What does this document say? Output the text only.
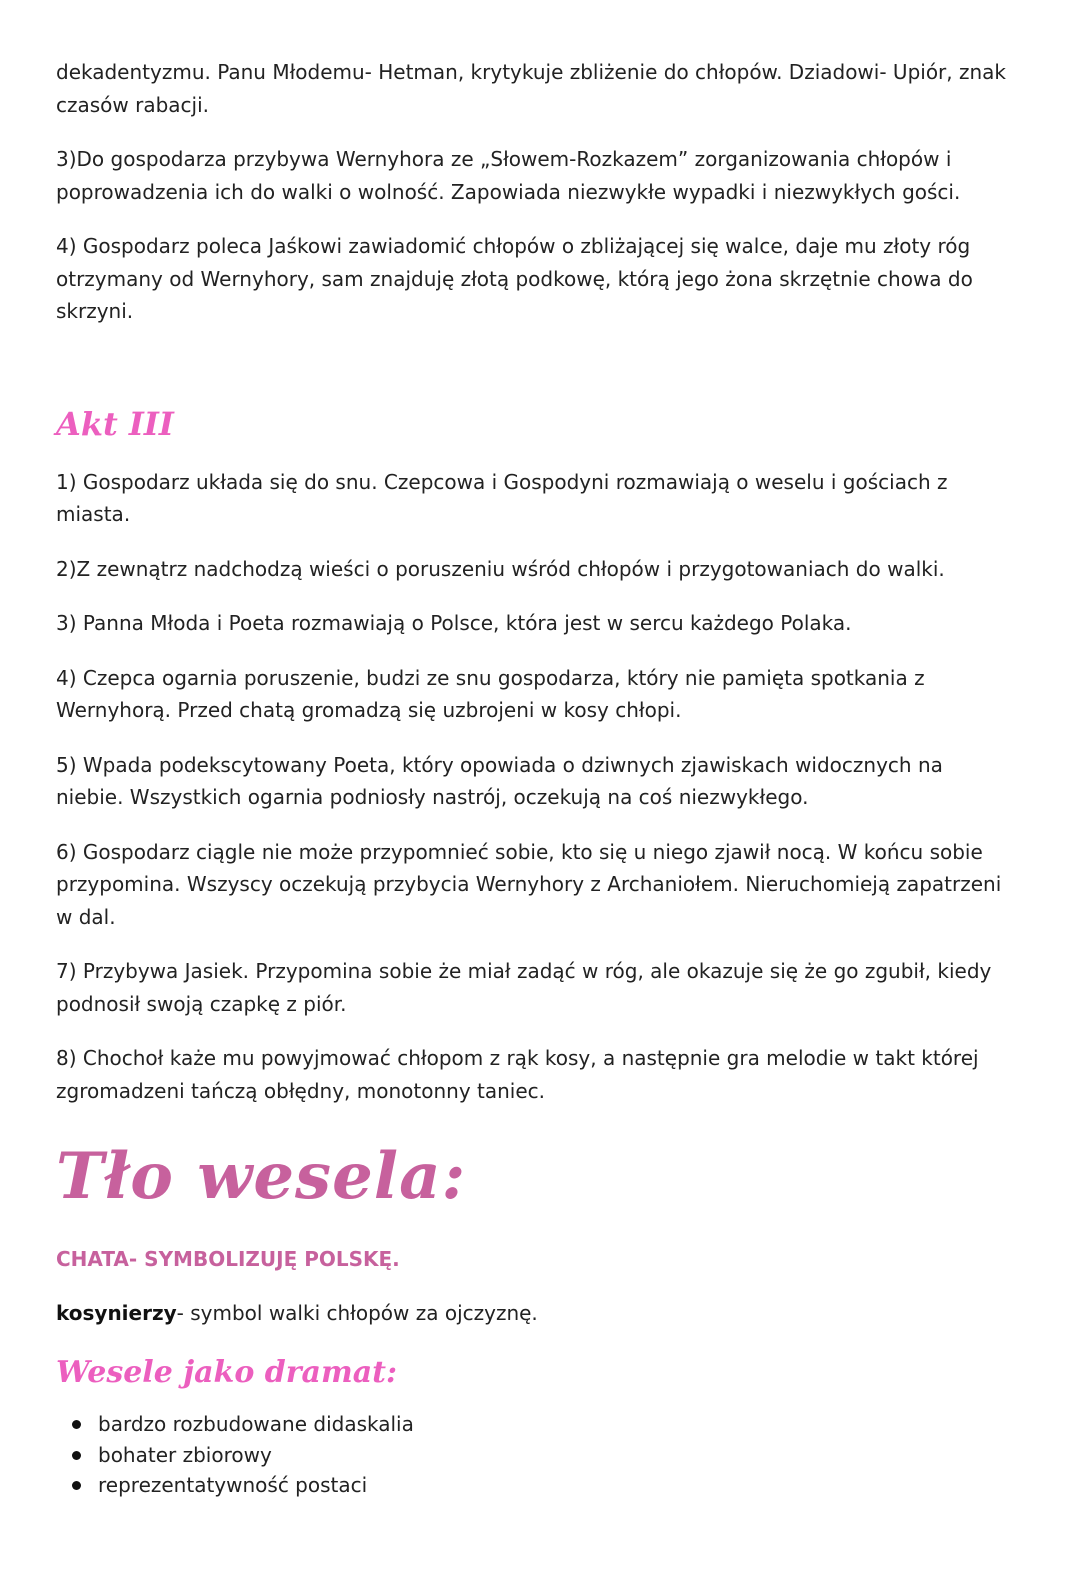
dekadentyzmu. Panu Młodemu- Hetman, krytykuje zbliżenie do chłopów. Dziadowi- Upiór, znak czasów rabacji.

3)Do gospodarza przybywa Wernyhora ze „Słowem-Rozkazem” zorganizowania chłopów i poprowadzenia ich do walki o wolność. Zapowiada niezwykłe wypadki i niezwykłych gości.

4) Gospodarz poleca Jaśkowi zawiadomić chłopów o zbliżającej się walce, daje mu złoty róg otrzymany od Wernyhory, sam znajduję złotą podkowę, którą jego żona skrzętnie chowa do skrzyni.

Akt III

1) Gospodarz układa się do snu. Czepcowa i Gospodyni rozmawiają o weselu i gościach z miasta.

2)Z zewnątrz nadchodzą wieści o poruszeniu wśród chłopów i przygotowaniach do walki.

3) Panna Młoda i Poeta rozmawiają o Polsce, która jest w sercu każdego Polaka.

4) Czepca ogarnia poruszenie, budzi ze snu gospodarza, który nie pamięta spotkania z Wernyhorą. Przed chatą gromadzą się uzbrojeni w kosy chłopi.

5) Wpada podekscytowany Poeta, który opowiada o dziwnych zjawiskach widocznych na niebie. Wszystkich ogarnia podniosły nastrój, oczekują na coś niezwykłego.

6) Gospodarz ciągle nie może przypomnieć sobie, kto się u niego zjawił nocą. W końcu sobie przypomina. Wszyscy oczekują przybycia Wernyhory z Archaniołem. Nieruchomieją zapatrzeni w dal.

7) Przybywa Jasiek. Przypomina sobie że miał zadąć w róg, ale okazuje się że go zgubił, kiedy podnosił swoją czapkę z piór.

8) Chochoł każe mu powyjmować chłopom z rąk kosy, a następnie gra melodie w takt której zgromadzeni tańczą obłędny, monotonny taniec.

Tło wesela:

CHATA- SYMBOLIZUJĘ POLSKĘ.

kosynierzy- symbol walki chłopów za ojczyznę.

Wesele jako dramat:
bardzo rozbudowane didaskalia
bohater zbiorowy
reprezentatywność postaci
